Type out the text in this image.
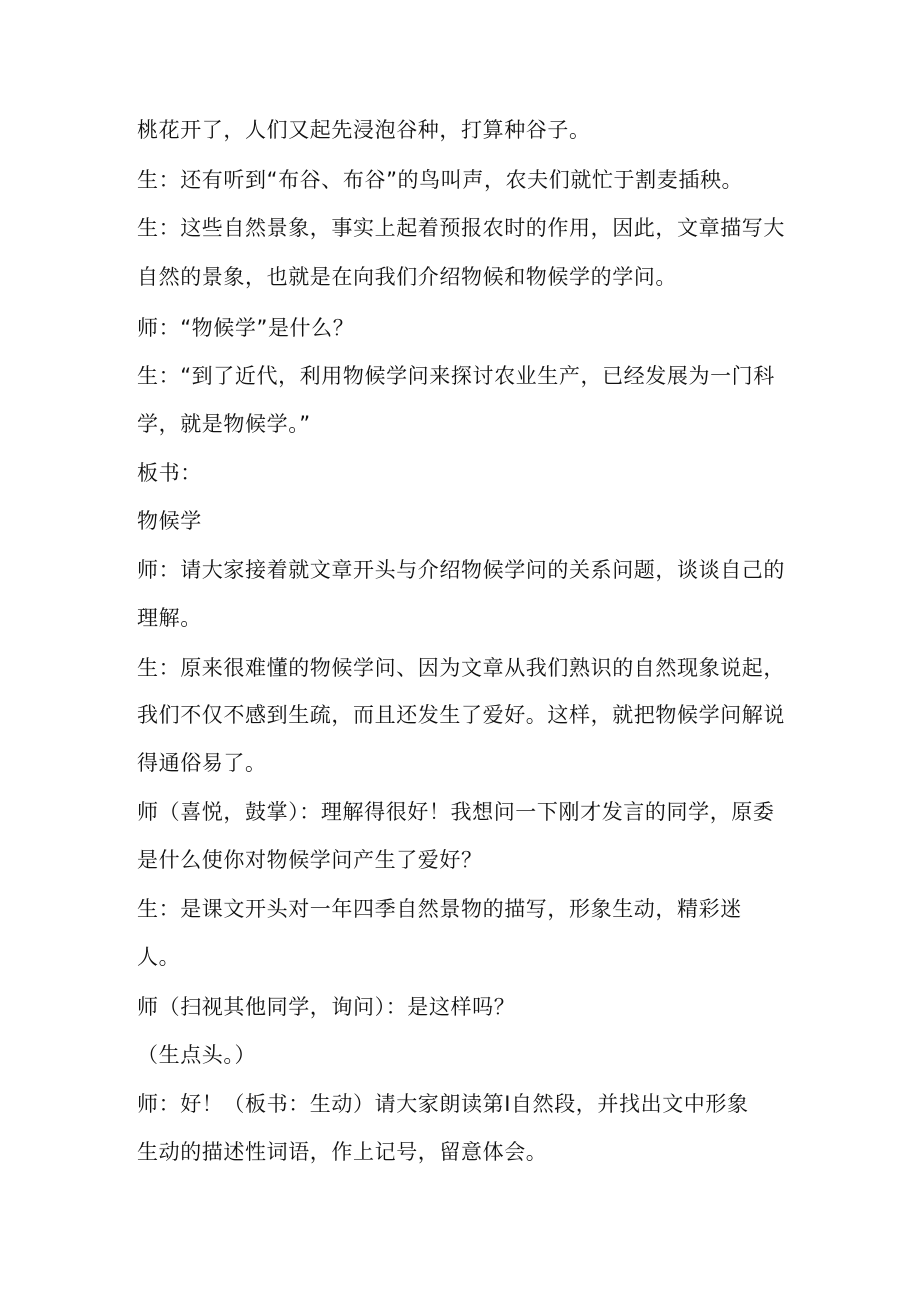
桃花开了，人们又起先浸泡谷种，打算种谷子。
生：还有听到“布谷、布谷”的鸟叫声，农夫们就忙于割麦插秧。
生：这些自然景象，事实上起着预报农时的作用，因此，文章描写大
自然的景象，也就是在向我们介绍物候和物候学的学问。
师：“物候学”是什么？
生：“到了近代，利用物候学问来探讨农业生产，已经发展为一门科
学，就是物候学。”
板书：
物候学
师：请大家接着就文章开头与介绍物候学问的关系问题，谈谈自己的
理解。
生：原来很难懂的物候学问、因为文章从我们熟识的自然现象说起，
我们不仅不感到生疏，而且还发生了爱好。这样，就把物候学问解说
得通俗易了。
师（喜悦，鼓掌）：理解得很好！我想问一下刚才发言的同学，原委
是什么使你对物候学问产生了爱好？
生：是课文开头对一年四季自然景物的描写，形象生动，精彩迷
人。
师（扫视其他同学，询问）：是这样吗？
（生点头。）
师：好！（板书：生动）请大家朗读第Ⅰ自然段，并找出文中形象
生动的描述性词语，作上记号，留意体会。
